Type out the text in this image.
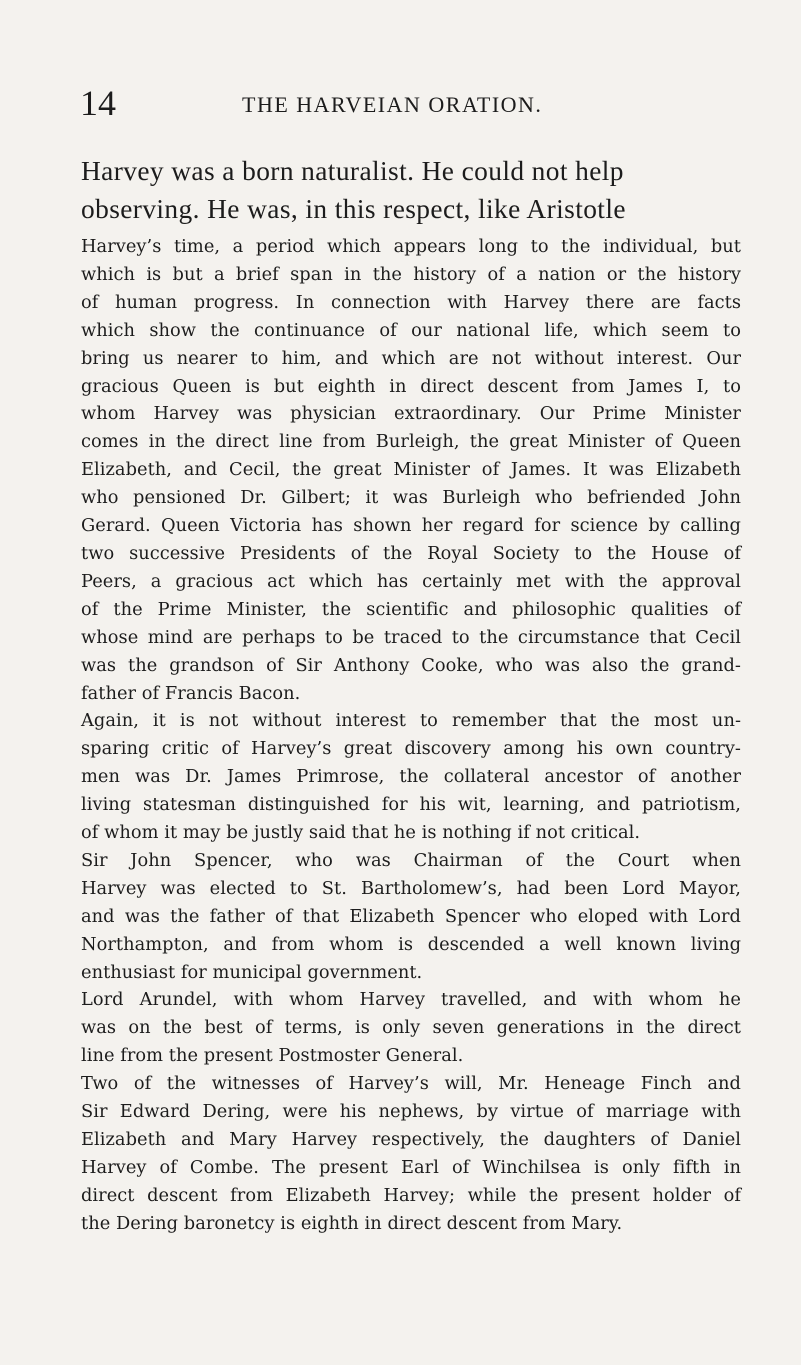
14	THE HARVEIAN ORATION.
Harvey was a born naturalist. He could not help
observing. He was, in this respect, like Aristotle
Harvey’s time, a period which appears long to the individual, but
which is but a brief span in the history of a nation or the history
of human progress. In connection with Harvey there are facts
which show the continuance of our national life, which seem to
bring us nearer to him, and which are not without interest. Our
gracious Queen is but eighth in direct descent from James I, to
whom Harvey was physician extraordinary. Our Prime Minister
comes in the direct line from Burleigh, the great Minister of Queen
Elizabeth, and Cecil, the great Minister of James. It was Elizabeth
who pensioned Dr. Gilbert; it was Burleigh who befriended John
Gerard. Queen Victoria has shown her regard for science by calling
two successive Presidents of the Royal Society to the House of
Peers, a gracious act which has certainly met with the approval
of the Prime Minister, the scientific and philosophic qualities of
whose mind are perhaps to be traced to the circumstance that Cecil
was the grandson of Sir Anthony Cooke, who was also the grand-
father of Francis Bacon.
Again, it is not without interest to remember that the most un-
sparing critic of Harvey’s great discovery among his own country-
men was Dr. James Primrose, the collateral ancestor of another
living statesman distinguished for his wit, learning, and patriotism,
of whom it may be justly said that he is nothing if not critical.
Sir John Spencer, who was Chairman of the Court when
Harvey was elected to St. Bartholomew’s, had been Lord Mayor,
and was the father of that Elizabeth Spencer who eloped with Lord
Northampton, and from whom is descended a well known living
enthusiast for municipal government.
Lord Arundel, with whom Harvey travelled, and with whom he
was on the best of terms, is only seven generations in the direct
line from the present Postmoster General.
Two of the witnesses of Harvey’s will, Mr. Heneage Finch and
Sir Edward Dering, were his nephews, by virtue of marriage with
Elizabeth and Mary Harvey respectively, the daughters of Daniel
Harvey of Combe. The present Earl of Winchilsea is only fifth in
direct descent from Elizabeth Harvey; while the present holder of
the Dering baronetcy is eighth in direct descent from Mary.
